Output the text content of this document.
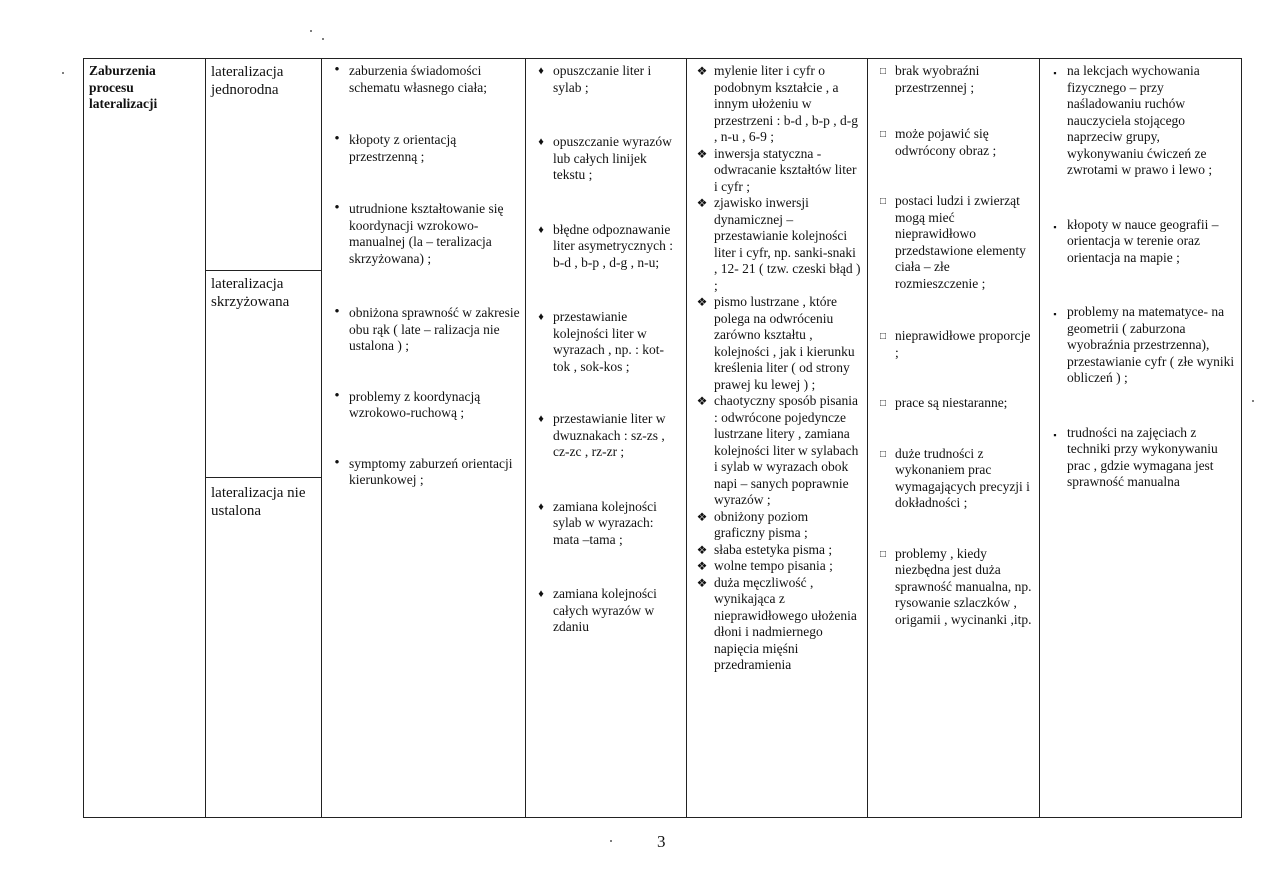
Zaburzenia procesu lateralizacji	
lateralizacja jednorodna
lateralizacja skrzyżowana
lateralizacja nie ustalona

• zaburzenia świadomości schematu własnego ciała;
• kłopoty z orientacją przestrzenną ;
• utrudnione kształtowanie się koordynacji wzrokowo-manualnej (la – teralizacja skrzyżowana) ;
• obniżona sprawność w zakresie obu rąk ( late – ralizacja nie ustalona ) ;
• problemy z koordynacją wzrokowo-ruchową ;
• symptomy zaburzeń orientacji kierunkowej ;

♦ opuszczanie liter i sylab ;
♦ opuszczanie wyrazów lub całych linijek tekstu ;
♦ błędne odpoznawanie liter asymetrycznych : b-d , b-p , d-g , n-u;
♦ przestawianie kolejności liter w wyrazach , np. : kot-tok , sok-kos ;
♦ przestawianie liter w dwuznakach : sz-zs , cz-zc , rz-zr ;
♦ zamiana kolejności sylab w wyrazach: mata –tama ;
♦ zamiana kolejności całych wyrazów w zdaniu

❖ mylenie liter i cyfr o podobnym kształcie , a innym ułożeniu w przestrzeni : b-d , b-p , d-g , n-u , 6-9 ;
❖ inwersja statyczna - odwracanie kształtów liter i cyfr ;
❖ zjawisko inwersji dynamicznej – przestawianie kolejności liter i cyfr, np. sanki-snaki , 12- 21 ( tzw. czeski błąd ) ;
❖ pismo lustrzane , które polega na odwróceniu zarówno kształtu , kolejności , jak i kierunku kreślenia liter ( od strony prawej ku lewej ) ;
❖ chaotyczny sposób pisania : odwrócone pojedyncze lustrzane litery , zamiana kolejności liter w sylabach i sylab w wyrazach obok napi – sanych poprawnie wyrazów ;
❖ obniżony poziom graficzny pisma ;
❖ słaba estetyka pisma ;
❖ wolne tempo pisania ;
❖ duża męczliwość , wynikająca z nieprawidłowego ułożenia dłoni i nadmiernego napięcia mięśni przedramienia

□ brak wyobraźni przestrzennej ;
□ może pojawić się odwrócony obraz ;
□ postaci ludzi i zwierząt mogą mieć nieprawidłowo przedstawione elementy ciała – złe rozmieszczenie ;
□ nieprawidłowe proporcje ;
□ prace są niestaranne;
□ duże trudności z wykonaniem prac wymagających precyzji i dokładności ;
□ problemy , kiedy niezbędna jest duża sprawność manualna, np. rysowanie szlaczków , origamii , wycinanki ,itp.

▪ na lekcjach wychowania fizycznego – przy naśladowaniu ruchów nauczyciela stojącego naprzeciw grupy, wykonywaniu ćwiczeń ze zwrotami w prawo i lewo ;
▪ kłopoty w nauce geografii – orientacja w terenie oraz orientacja na mapie ;
▪ problemy na matematyce- na geometrii ( zaburzona wyobraźnia przestrzenna), przestawianie cyfr ( złe wyniki obliczeń ) ;
▪ trudności na zajęciach z techniki przy wykonywaniu prac , gdzie wymagana jest sprawność manualna
3
